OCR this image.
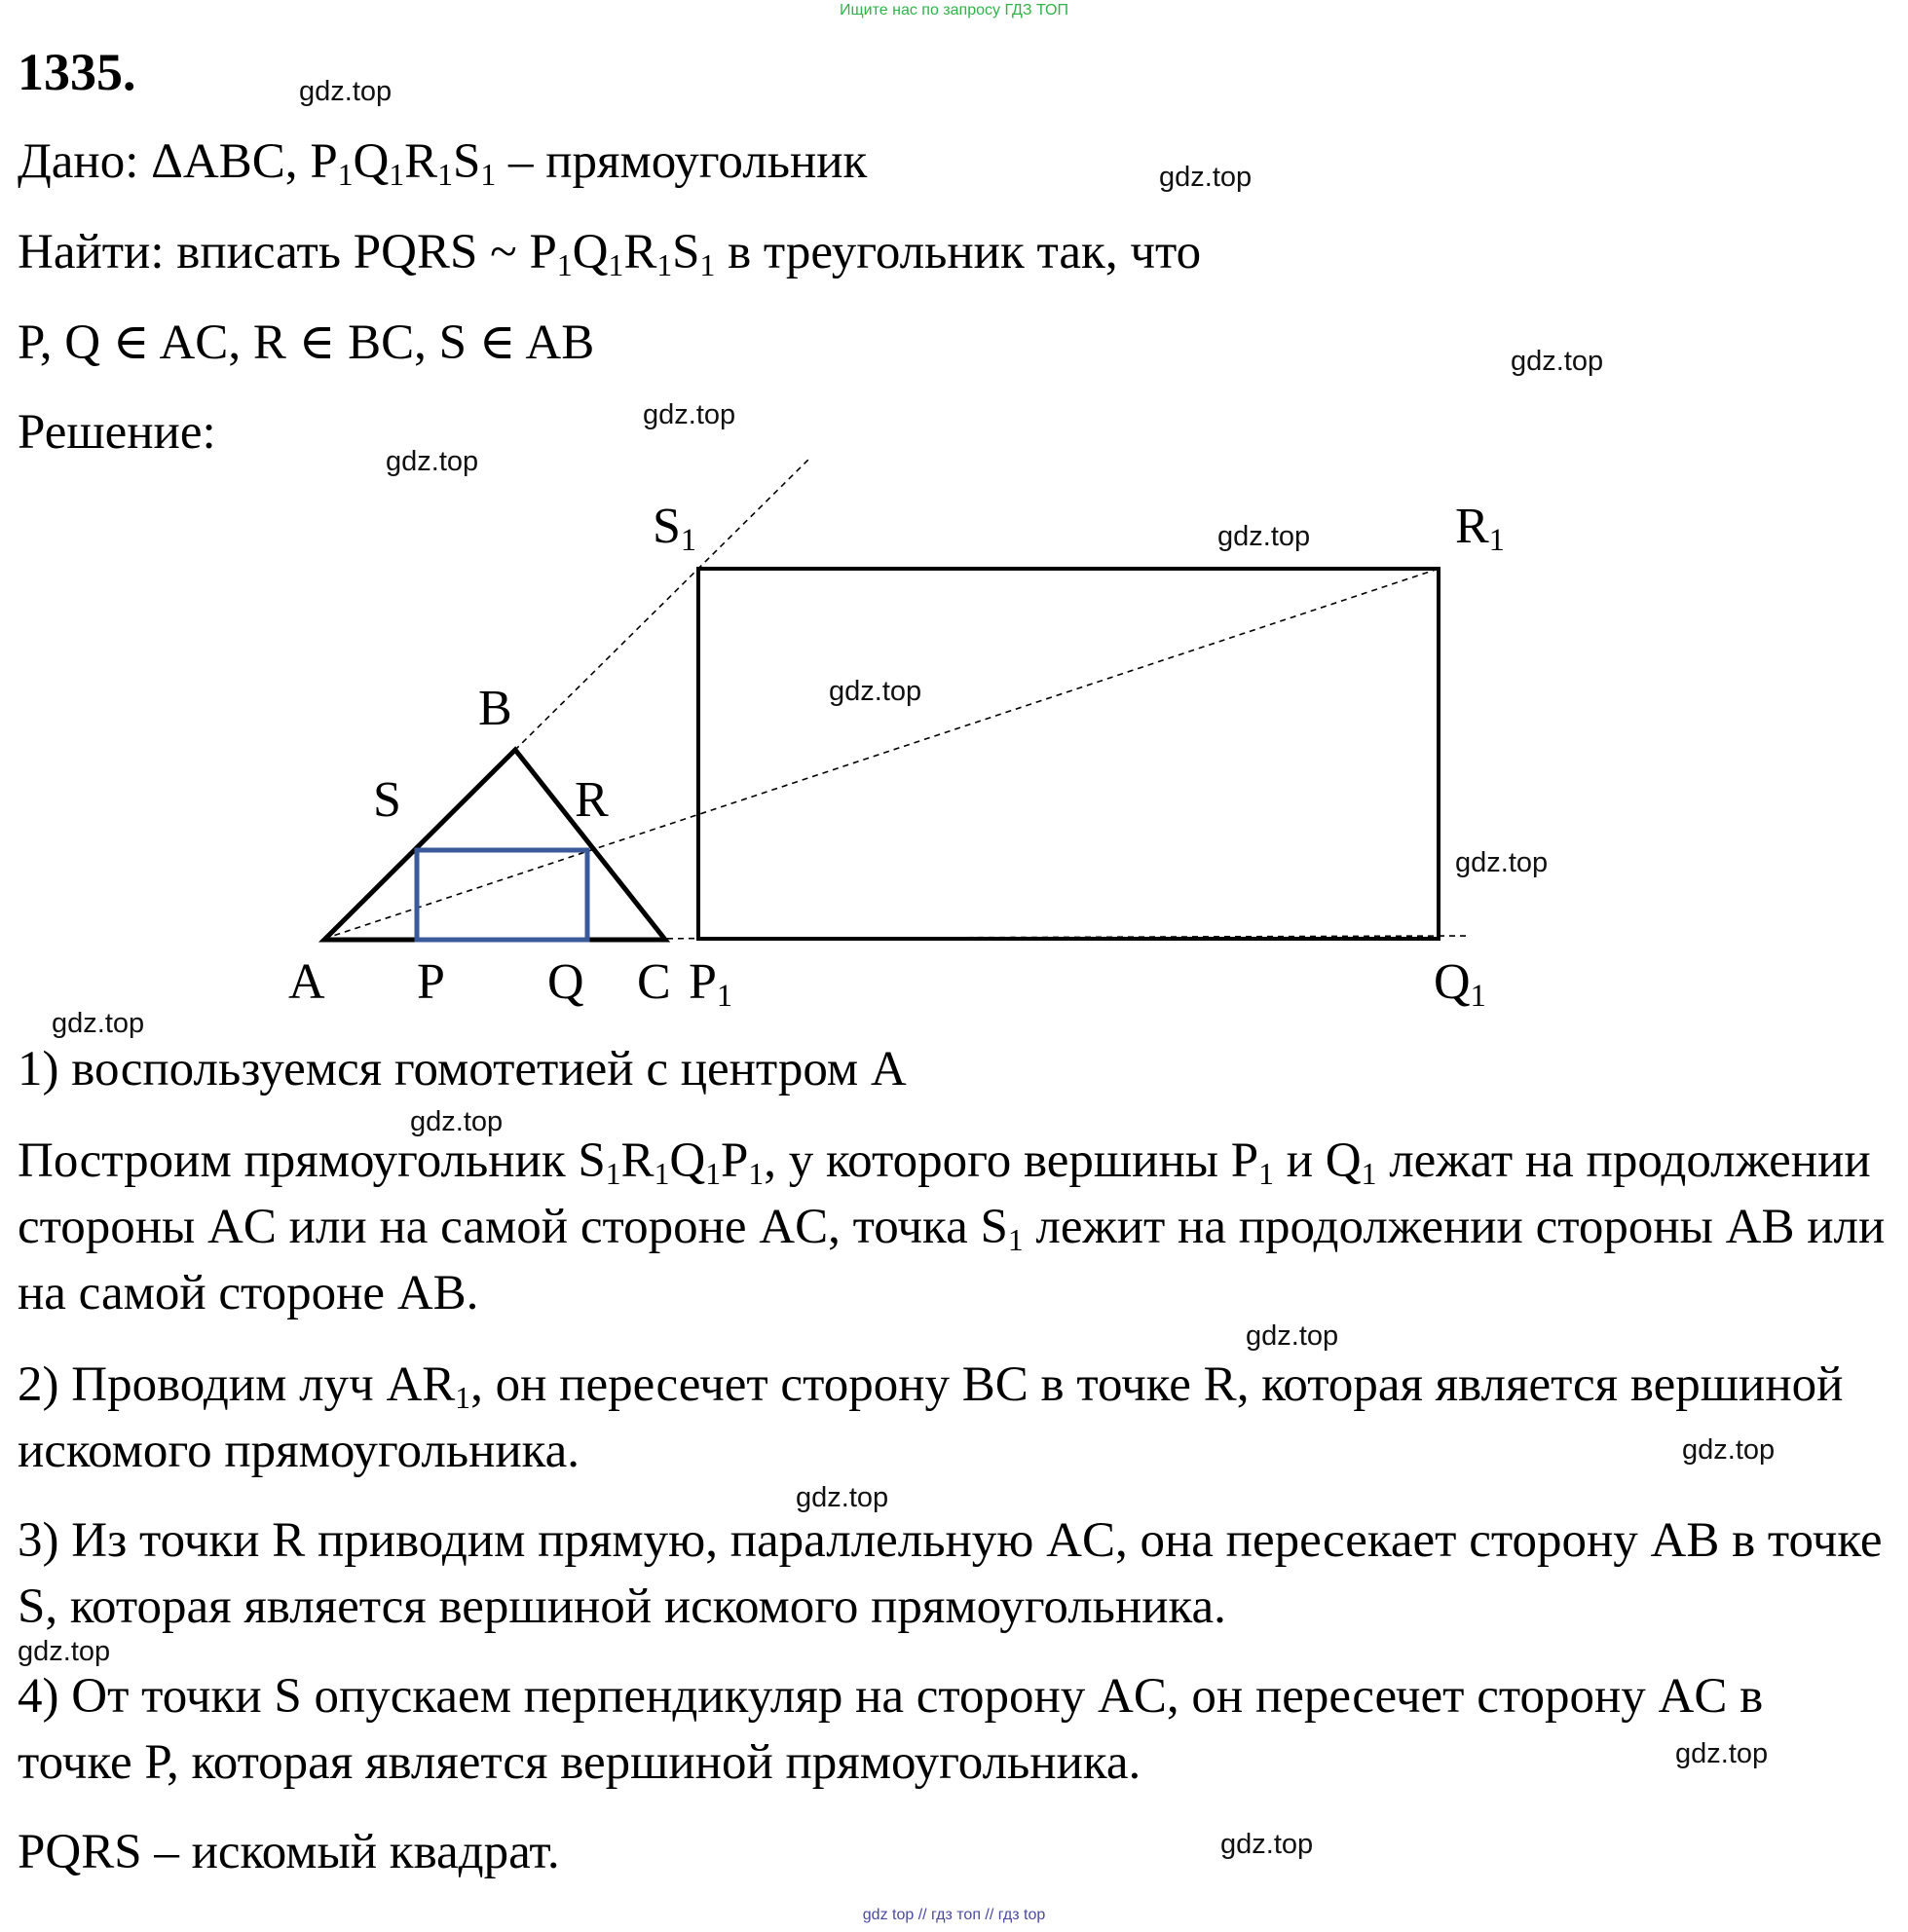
Ищите нас по запросу ГДЗ ТОП
1335.
Дано: ΔABC, $P_1Q_1R_1S_1$ – прямоугольник
Найти: вписать PQRS ~ $P_1Q_1R_1S_1$ в треугольник так, что
P, Q ∈ AC, R ∈ BC, S ∈ AB
Решение:
$S_1$	$R_1$
B
S	R
A P Q C $P_1$	$Q_1$
1) воспользуемся гомотетией с центром A
Построим прямоугольник $S_1R_1Q_1P_1$, у которого вершины $P_1$ и $Q_1$ лежат на продолжении стороны AC или на самой стороне AC, точка $S_1$ лежит на продолжении стороны AB или на самой стороне AB.
2) Проводим луч $AR_1$, он пересечет сторону BC в точке R, которая является вершиной искомого прямоугольника.
3) Из точки R приводим прямую, параллельную AC, она пересекает сторону AB в точке S, которая является вершиной искомого прямоугольника.
4) От точки S опускаем перпендикуляр на сторону AC, он пересечет сторону AC в точке P, которая является вершиной прямоугольника.
PQRS – искомый квадрат.
gdz.top
gdz.top
gdz.top
gdz.top
gdz.top
gdz.top
gdz.top
gdz.top
gdz.top
gdz.top
gdz.top
gdz.top
gdz.top
gdz.top
gdz.top
gdz.top
gdz top // гдз топ // гдз top
